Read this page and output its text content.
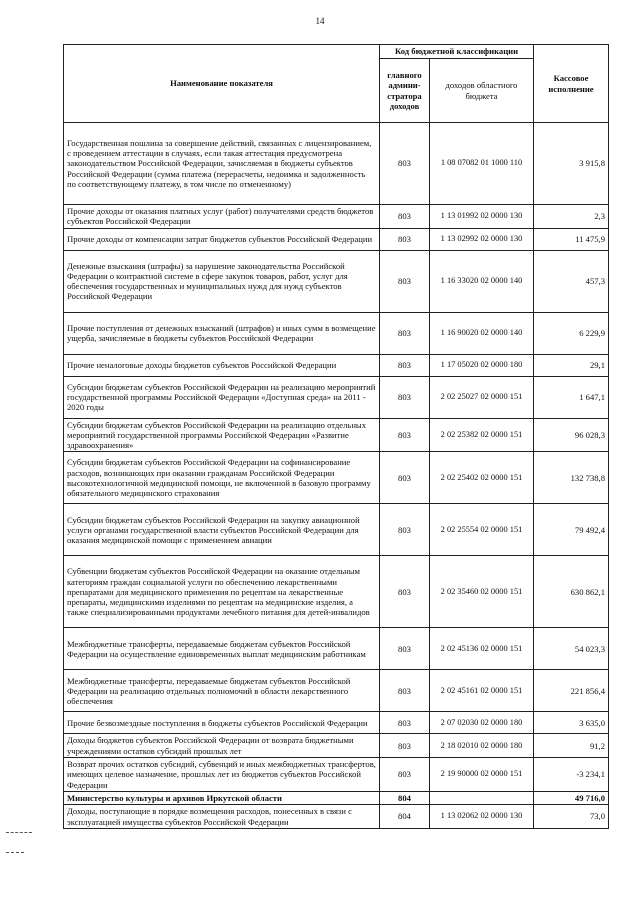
14
Наименование показателя	Код бюджетной классификации		Кассовое исполнение
	главного админи-стратора доходов	доходов областного бюджета	
Государственная пошлина за совершение действий, связанных с лицензированием, с проведением аттестации в случаях, если такая аттестация предусмотрена законодательством Российской Федерации, зачисляемая в бюджеты субъектов Российской Федерации (сумма платежа (перерасчеты, недоимка и задолженность по соответствующему платежу, в том числе по отмененному)	803	1 08 07082 01 1000 110	3 915,8
Прочие доходы от оказания платных услуг (работ) получателями средств бюджетов субъектов Российской Федерации	803	1 13 01992 02 0000 130	2,3
Прочие доходы от компенсации затрат бюджетов субъектов Российской Федерации	803	1 13 02992 02 0000 130	11 475,9
Денежные взыскания (штрафы) за нарушение законодательства Российской Федерации о контрактной системе в сфере закупок товаров, работ, услуг для обеспечения государственных и муниципальных нужд для нужд субъектов Российской Федерации	803	1 16 33020 02 0000 140	457,3
Прочие поступления от денежных взысканий (штрафов) и иных сумм в возмещение ущерба, зачисляемые в бюджеты субъектов Российской Федерации	803	1 16 90020 02 0000 140	6 229,9
Прочие неналоговые доходы бюджетов субъектов Российской Федерации	803	1 17 05020 02 0000 180	29,1
Субсидии бюджетам субъектов Российской Федерации на реализацию мероприятий государственной программы Российской Федерации «Доступная среда» на 2011 - 2020 годы	803	2 02 25027 02 0000 151	1 647,1
Субсидии бюджетам субъектов Российской Федерации на реализацию отдельных мероприятий государственной программы Российской Федерации «Развитие здравоохранения»	803	2 02 25382 02 0000 151	96 028,3
Субсидии бюджетам субъектов Российской Федерации на софинансирование расходов, возникающих при оказании гражданам Российской Федерации высокотехнологичной медицинской помощи, не включенной в базовую программу обязательного медицинского страхования	803	2 02 25402 02 0000 151	132 738,8
Субсидии бюджетам субъектов Российской Федерации на закупку авиационной услуги органами государственной власти субъектов Российской Федерации для оказания медицинской помощи с применением авиации	803	2 02 25554 02 0000 151	79 492,4
Субвенции бюджетам субъектов Российской Федерации на оказание отдельным категориям граждан социальной услуги по обеспечению лекарственными препаратами для медицинского применения по рецептам на лекарственные препараты, медицинскими изделиями по рецептам на медицинские изделия, а также специализированными продуктами лечебного питания для детей-инвалидов	803	2 02 35460 02 0000 151	630 862,1
Межбюджетные трансферты, передаваемые бюджетам субъектов Российской Федерации на осуществление единовременных выплат медицинским работникам	803	2 02 45136 02 0000 151	54 023,3
Межбюджетные трансферты, передаваемые бюджетам субъектов Российской Федерации на реализацию отдельных полномочий в области лекарственного обеспечения	803	2 02 45161 02 0000 151	221 856,4
Прочие безвозмездные поступления в бюджеты субъектов Российской Федерации	803	2 07 02030 02 0000 180	3 635,0
Доходы бюджетов субъектов Российской Федерации от возврата бюджетными учреждениями остатков субсидий прошлых лет	803	2 18 02010 02 0000 180	91,2
Возврат прочих остатков субсидий, субвенций и иных межбюджетных трансфертов, имеющих целевое назначение, прошлых лет из бюджетов субъектов Российской Федерации	803	2 19 90000 02 0000 151	-3 234,1
Министерство культуры и архивов Иркутской области	804		49 716,0
Доходы, поступающие в порядке возмещения расходов, понесенных в связи с эксплуатацией имущества субъектов Российской Федерации	804	1 13 02062 02 0000 130	73,0
